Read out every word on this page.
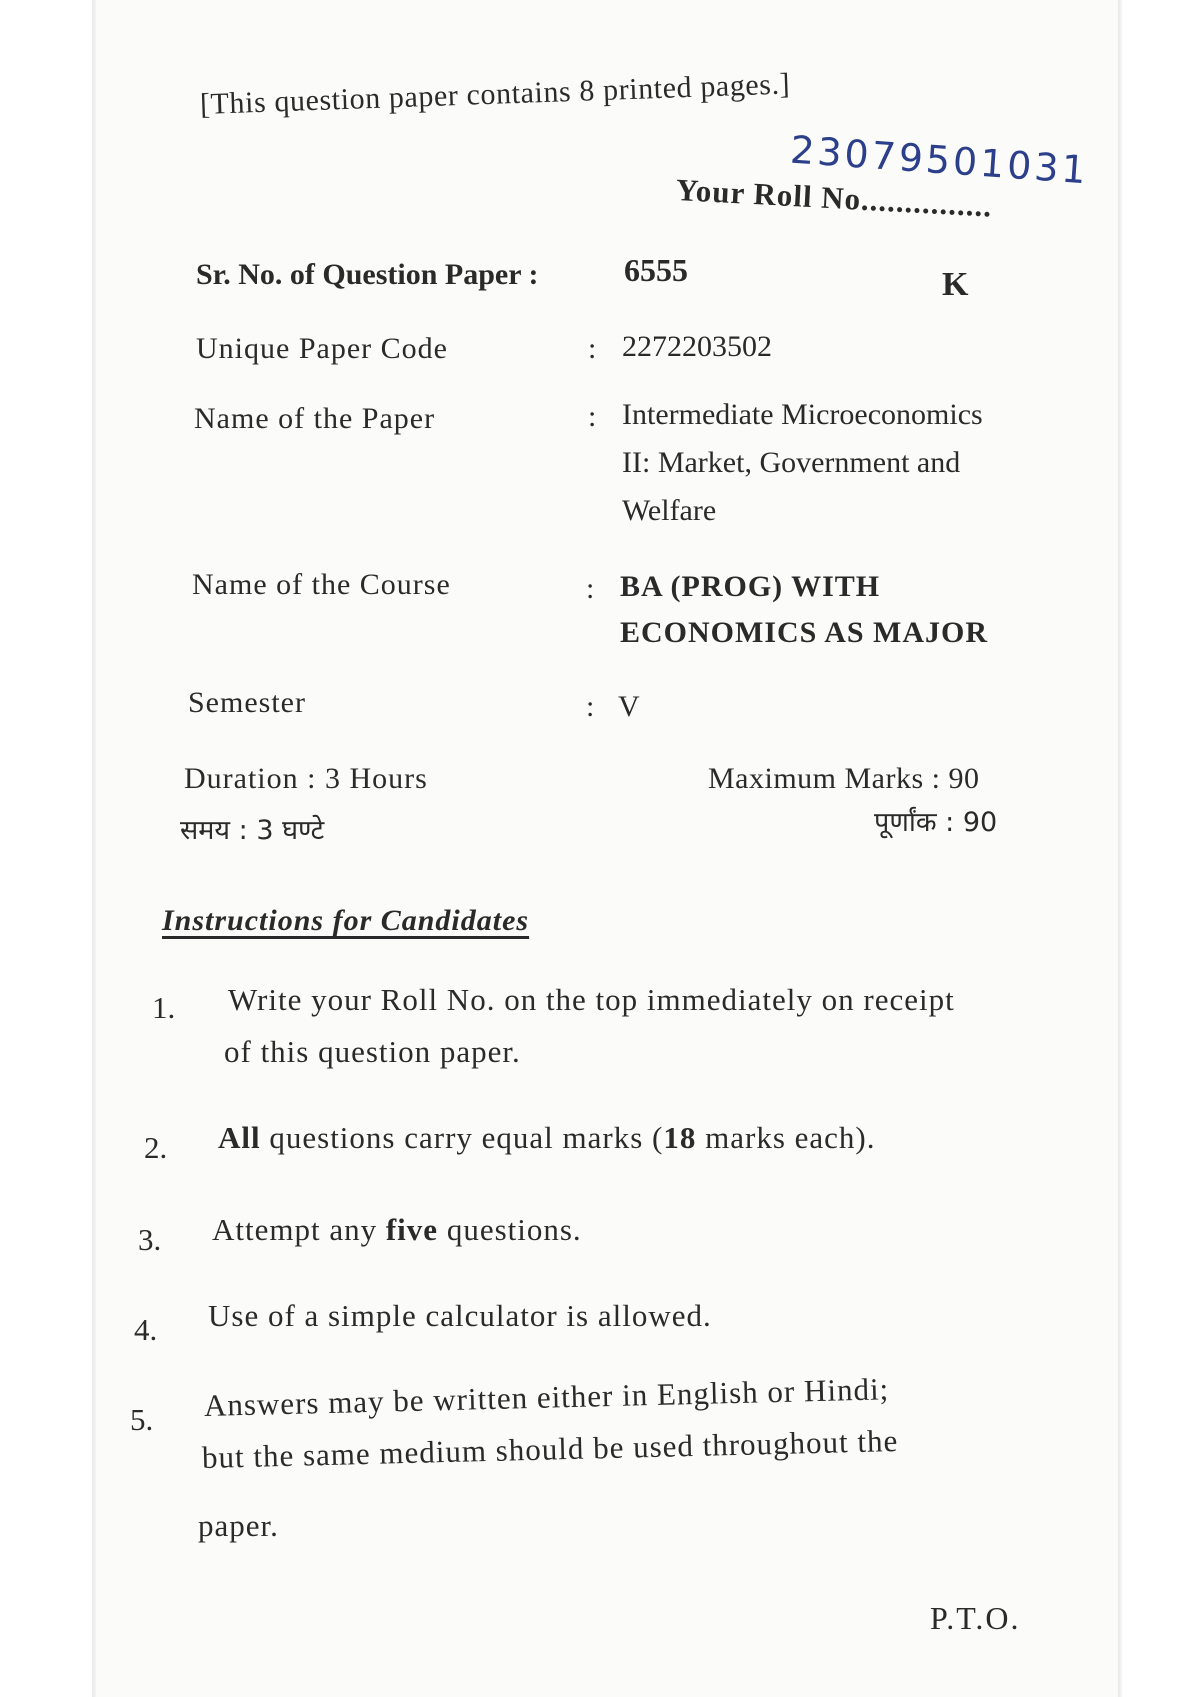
[This question paper contains 8 printed pages.]
23079501031
Your Roll No...............
Sr. No. of Question Paper :	6555	K
Unique Paper Code	: 2272203502
Name of the Paper	: Intermediate Microeconomics
II: Market, Government and
Welfare
Name of the Course	: BA (PROG) WITH
ECONOMICS AS MAJOR
Semester	: V
Duration : 3 Hours
समय : 3 घण्टे
Maximum Marks : 90
पूर्णांक : 90
Instructions for Candidates
1. Write your Roll No. on the top immediately on receipt
of this question paper.
2. All questions carry equal marks (18 marks each).
3. Attempt any five questions.
4. Use of a simple calculator is allowed.
5. Answers may be written either in English or Hindi;
but the same medium should be used throughout the
paper.
P.T.O.
